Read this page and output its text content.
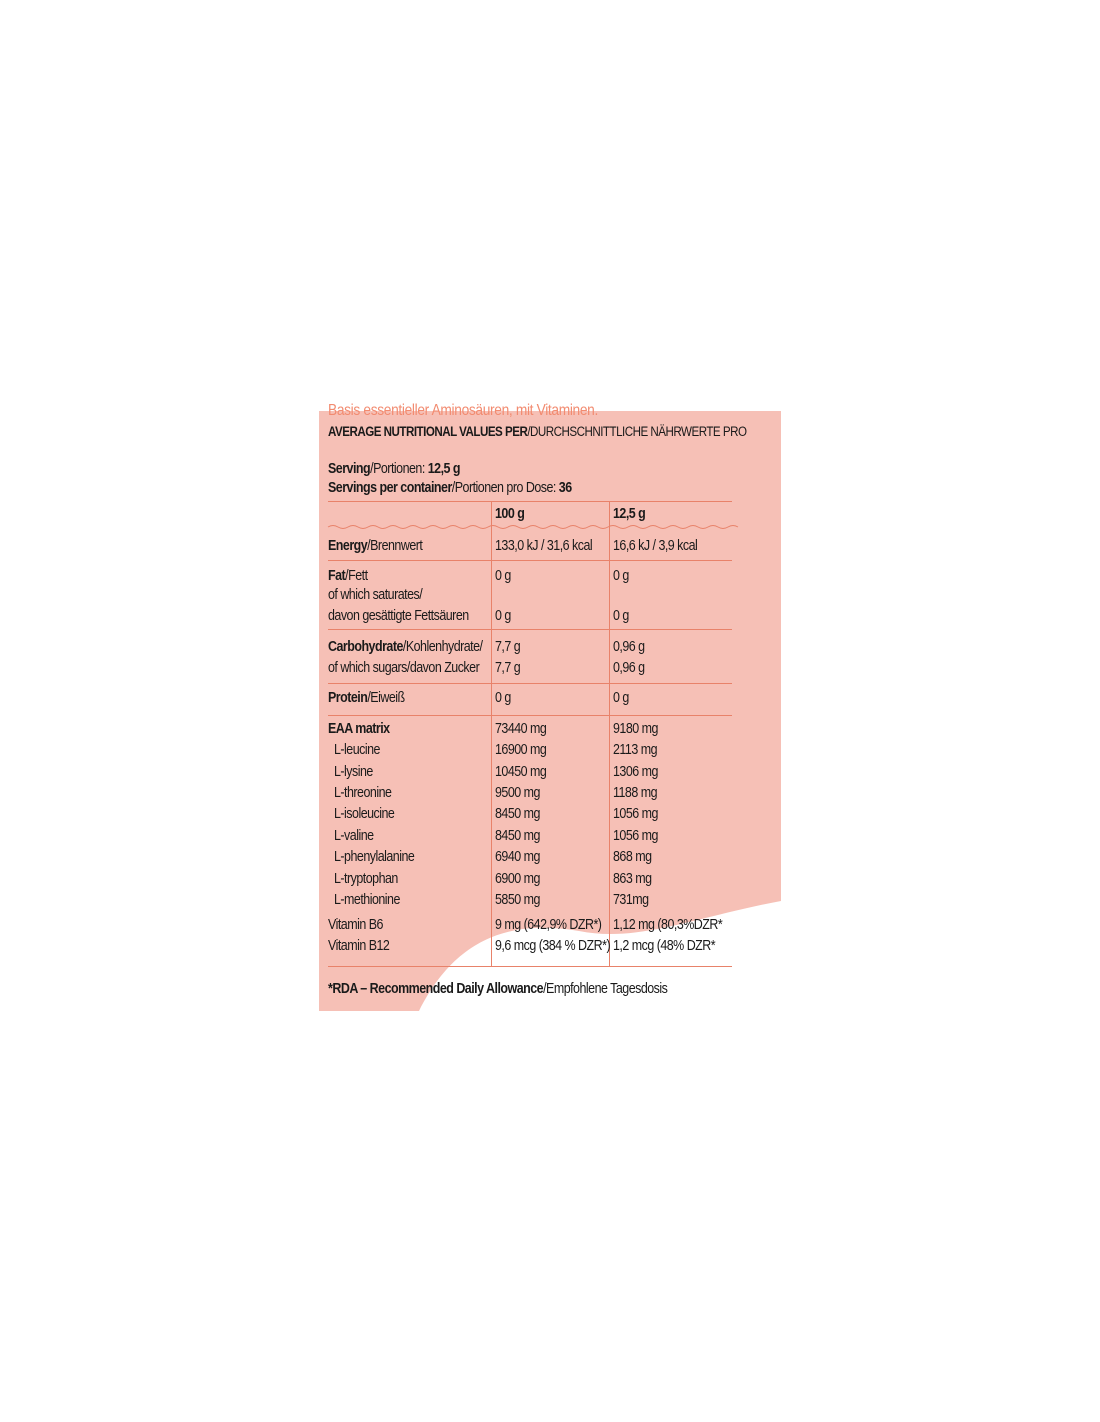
Basis essentieller Aminosäuren, mit Vitaminen.
AVERAGE NUTRITIONAL VALUES PER/DURCHSCHNITTLICHE NÄHRWERTE PRO
Serving/Portionen: 12,5 g
Servings per container/Portionen pro Dose: 36
100 g	12,5 g
Energy/Brennwert	133,0 kJ / 31,6 kcal 16,6 kJ / 3,9 kcal
Fat/Fett	0 g	0 g
of which saturates/
davon gesättigte Fettsäuren 0 g	0 g
Carbohydrate/Kohlenhydrate/ 7,7 g	0,96 g
of which sugars/davon Zucker 7,7 g	0,96 g
Protein/Eiweiß	0 g	0 g
EAA matrix	73440 mg	9180 mg
L-leucine	16900 mg	2113 mg
L-lysine	10450 mg	1306 mg
L-threonine	9500 mg	1188 mg
L-isoleucine	8450 mg	1056 mg
L-valine	8450 mg	1056 mg
L-phenylalanine	6940 mg	868 mg
L-tryptophan	6900 mg	863 mg
L-methionine	5850 mg	731mg
Vitamin B6	9 mg (642,9% DZR*) 1,12 mg (80,3%DZR*
Vitamin B12	9,6 mcg (384 % DZR*) 1,2 mcg (48% DZR*
*RDA – Recommended Daily Allowance/Empfohlene Tagesdosis
